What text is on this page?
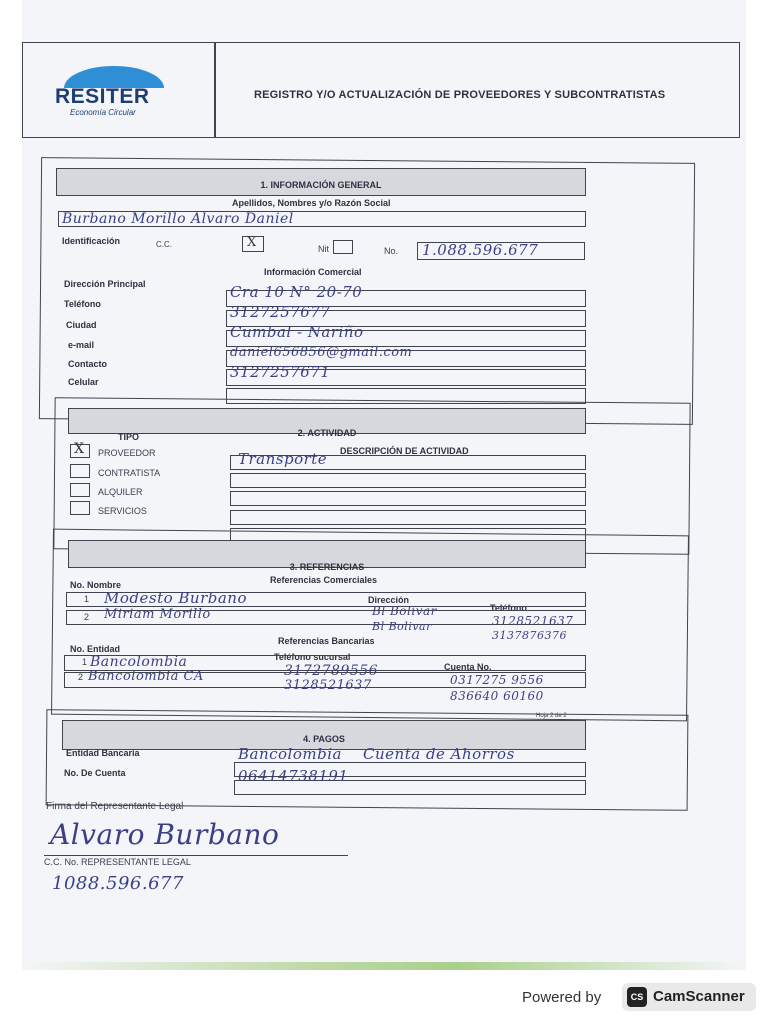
RESITER
Economía Circular
REGISTRO Y/O ACTUALIZACIÓN DE PROVEEDORES Y SUBCONTRATISTAS
1. INFORMACIÓN GENERAL
Apellidos, Nombres y/o Razón Social
Burbano Morillo Alvaro Daniel
Identificación	C.C.	X	Nit	No. 1.088.596.677
Información Comercial
Dirección Principal	Cra 10 N° 20-70
Teléfono	3127257677
Ciudad	Cumbal - Nariño
e-mail	daniel656856@gmail.com
Contacto	3127257671
Celular
2. ACTIVIDAD
TIPO
DESCRIPCIÓN DE ACTIVIDAD
X PROVEEDOR
CONTRATISTA
ALQUILER
SERVICIOS
Transporte
3. REFERENCIAS
Referencias Comerciales
No. Nombre
Dirección
Teléfono
1 Modesto Burbano
Bl Bolivar
3128521637
2 Miriam Morillo
Bl Bolivar
3137876376
Referencias Bancarias
No. Entidad
Teléfono sucursal
Cuenta No.
1 Bancolombia
3172789556
0317275 9556
2 Bancolombia CA
3128521637
836640 60160
Hoja 2 de 2
4. PAGOS
Entidad Bancaria	Bancolombia    Cuenta de Ahorros
No. De Cuenta	06414738191
Firma del Representante Legal
Alvaro Burbano
C.C. No. REPRESENTANTE LEGAL
1088.596.677
Powered by	CS CamScanner
